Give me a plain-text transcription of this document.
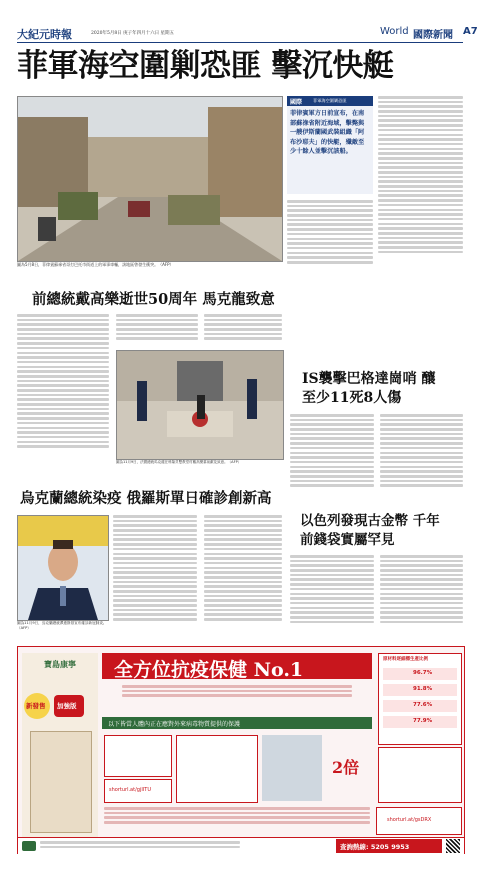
大紀元時報	2020年5月8日 庚子年四月十六日 星期五	World 國際新聞 A7
菲軍海空圍剿恐匪 擊沉快艇
圖為5月8日，菲律賓蘇祿省哥打巴托市街道上的軍事車輛，該地區曾發生衝突。（AFP）
國際	菲軍海空圍剿恐匪
菲律賓軍方日前宣布，在南部蘇祿省附近海域，擊斃與一艘伊斯蘭國武裝組織「阿布沙耶夫」的快艇，殲敵至少十餘人並擊沉該船。
前總統戴高樂逝世50周年 馬克龍致意
圖為11月9日，法國總統馬克龍在科隆貝雙教堂村戴高樂墓前獻花致意。（AFP）
IS襲擊巴格達崗哨 釀至少11死8人傷
烏克蘭總統染疫 俄羅斯單日確診創新高
圖為11月9日，烏克蘭總統澤連斯基宣布確診新冠肺炎。（AFP）
以色列發現古金幣 千年前錢袋實屬罕見
寶島康寧
新發售 加強版
全方位抗疫保健 No.1	原材料逐細標生產比例
96.7%
91.8%
77.6%
77.9%
以下皆當人體內正在應對外來病毒物質提供的保護
shorturl.at/gjIITU
2倍
shorturl.at/gsDRX
查詢熱線: 5205 9953
